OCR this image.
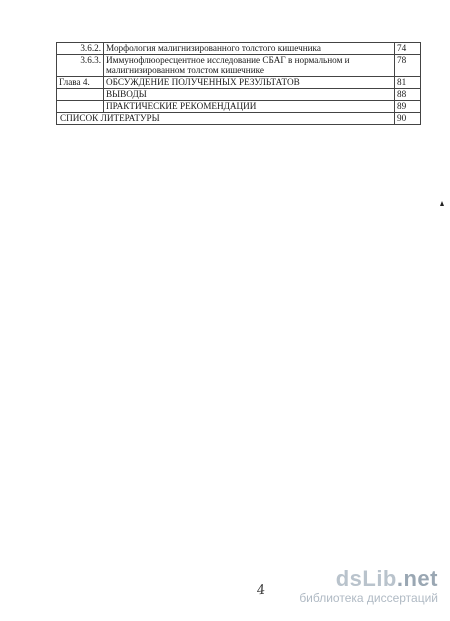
3.6.2.	Морфология малигнизированного толстого кишечника	74
3.6.3.	Иммунофлюоресцентное исследование СБАГ в нормальном и малигнизированном толстом кишечнике	78
Глава 4.	ОБСУЖДЕНИЕ ПОЛУЧЕННЫХ РЕЗУЛЬТАТОВ	81
	ВЫВОДЫ	88
	ПРАКТИЧЕСКИЕ РЕКОМЕНДАЦИИ	89
СПИСОК ЛИТЕРАТУРЫ		90
4	dsLib.net
библиотека диссертаций
